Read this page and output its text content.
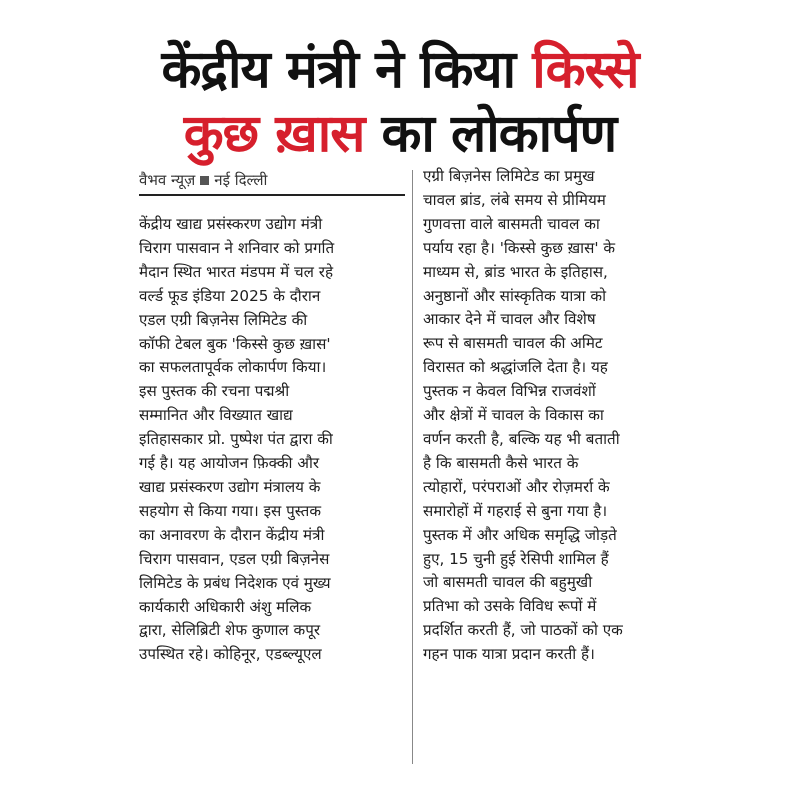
केंद्रीय मंत्री ने किया किस्से
कुछ ख़ास का लोकार्पण
वैभव न्यूज़ नई दिल्ली
केंद्रीय खाद्य प्रसंस्करण उद्योग मंत्री
चिराग पासवान ने शनिवार को प्रगति
मैदान स्थित भारत मंडपम में चल रहे
वर्ल्ड फूड इंडिया 2025 के दौरान
एडल एग्री बिज़नेस लिमिटेड की
कॉफी टेबल बुक 'किस्से कुछ ख़ास'
का सफलतापूर्वक लोकार्पण किया।
इस पुस्तक की रचना पद्मश्री
सम्मानित और विख्यात खाद्य
इतिहासकार प्रो. पुष्पेश पंत द्वारा की
गई है। यह आयोजन फ़िक्की और
खाद्य प्रसंस्करण उद्योग मंत्रालय के
सहयोग से किया गया। इस पुस्तक
का अनावरण के दौरान केंद्रीय मंत्री
चिराग पासवान, एडल एग्री बिज़नेस
लिमिटेड के प्रबंध निदेशक एवं मुख्य
कार्यकारी अधिकारी अंशु मलिक
द्वारा, सेलिब्रिटी शेफ कुणाल कपूर
उपस्थित रहे। कोहिनूर, एडब्ल्यूएल
एग्री बिज़नेस लिमिटेड का प्रमुख
चावल ब्रांड, लंबे समय से प्रीमियम
गुणवत्ता वाले बासमती चावल का
पर्याय रहा है। 'किस्से कुछ ख़ास' के
माध्यम से, ब्रांड भारत के इतिहास,
अनुष्ठानों और सांस्कृतिक यात्रा को
आकार देने में चावल और विशेष
रूप से बासमती चावल की अमिट
विरासत को श्रद्धांजलि देता है। यह
पुस्तक न केवल विभिन्न राजवंशों
और क्षेत्रों में चावल के विकास का
वर्णन करती है, बल्कि यह भी बताती
है कि बासमती कैसे भारत के
त्योहारों, परंपराओं और रोज़मर्रा के
समारोहों में गहराई से बुना गया है।
पुस्तक में और अधिक समृद्धि जोड़ते
हुए, 15 चुनी हुई रेसिपी शामिल हैं
जो बासमती चावल की बहुमुखी
प्रतिभा को उसके विविध रूपों में
प्रदर्शित करती हैं, जो पाठकों को एक
गहन पाक यात्रा प्रदान करती हैं।
